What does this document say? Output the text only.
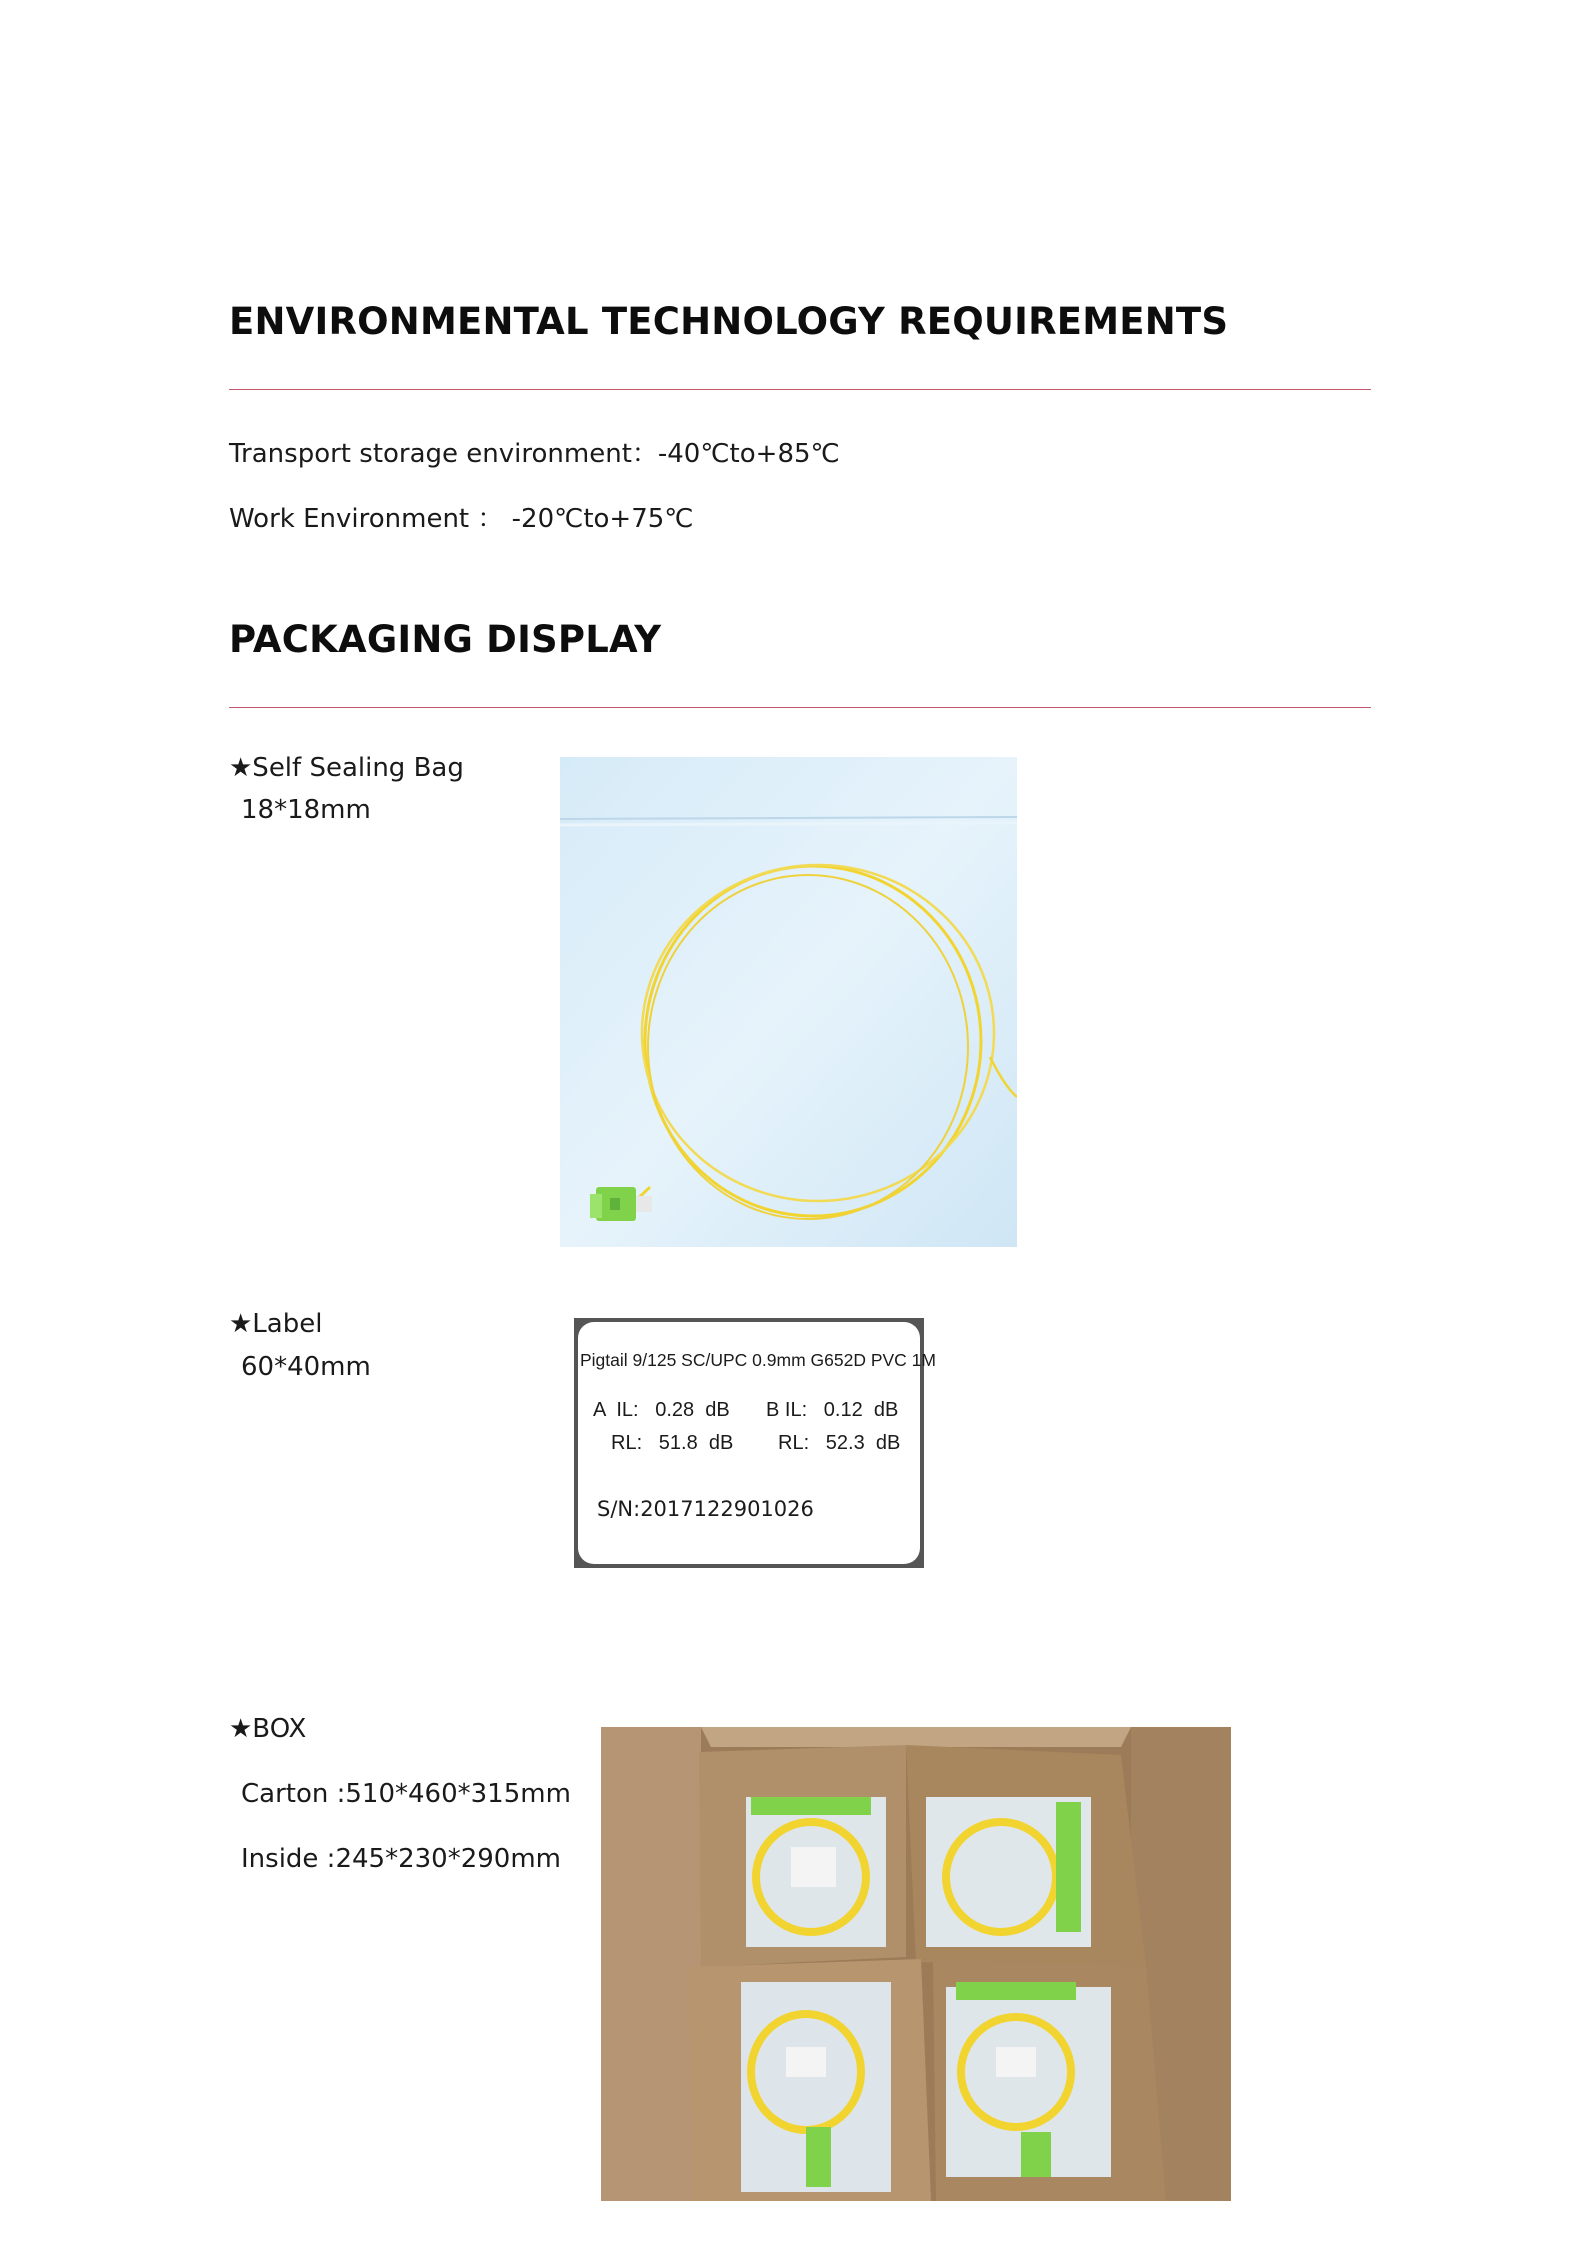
ENVIRONMENTAL TECHNOLOGY REQUIREMENTS
Transport storage environment：-40℃to+85℃
Work Environment ： -20℃to+75℃
PACKAGING DISPLAY
★Self Sealing Bag
18*18mm
★Label
60*40mm	Pigtail 9/125 SC/UPC 0.9mm G652D PVC 1M
A  IL:   0.28  dB B IL:   0.12  dB
RL:   51.8  dB RL:   52.3  dB
S/N:2017122901026
★BOX
Carton :510*460*315mm
Inside :245*230*290mm
